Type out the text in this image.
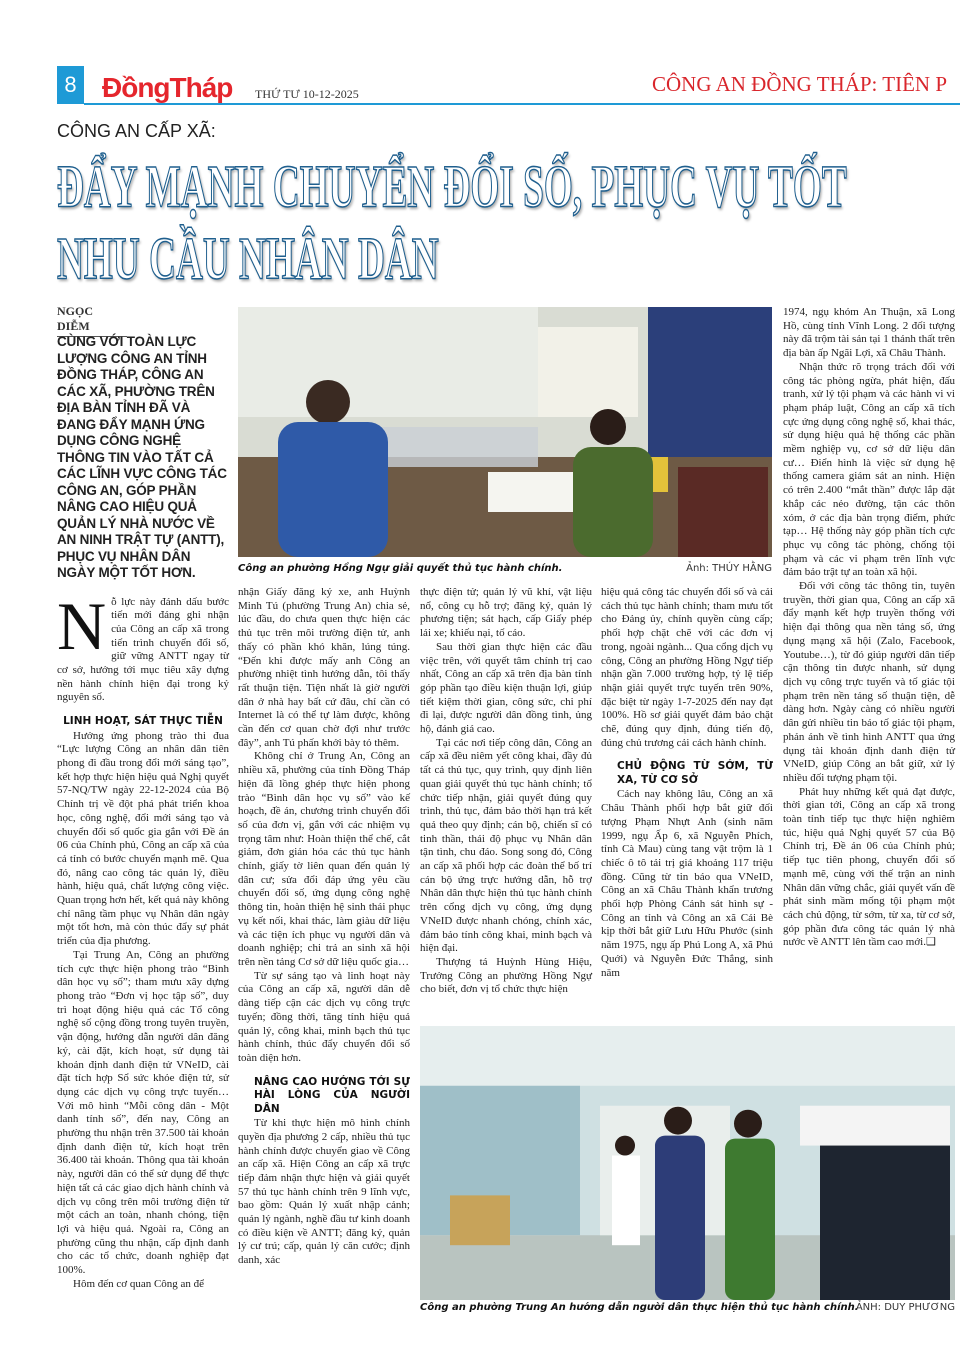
8 ĐồngTháp THỨ TƯ 10-12-2025	CÔNG AN ĐỒNG THÁP: TIÊN P
CÔNG AN CẤP XÃ:
ĐẨY MẠNH CHUYỂN ĐỔI SỐ, PHỤC VỤ TỐT
NHU CẦU NHÂN DÂN
NGỌC DIỄM
CÙNG VỚI TOÀN LỰC LƯỢNG CÔNG AN TỈNH ĐỒNG THÁP, CÔNG AN CÁC XÃ, PHƯỜNG TRÊN ĐỊA BÀN TỈNH ĐÃ VÀ ĐANG ĐẨY MẠNH ỨNG DỤNG CÔNG NGHỆ THÔNG TIN VÀO TẤT CẢ CÁC LĨNH VỰC CÔNG TÁC CÔNG AN, GÓP PHẦN NÂNG CAO HIỆU QUẢ QUẢN LÝ NHÀ NƯỚC VỀ AN NINH TRẬT TỰ (ANTT), PHỤC VỤ NHÂN DÂN NGÀY MỘT TỐT HƠN.

Nỗ lực này đánh dấu bước tiến mới đáng ghi nhận của Công an cấp xã trong tiến trình chuyển đổi số, giữ vững ANTT ngay từ cơ sở, hướng tới mục tiêu xây dựng nền hành chính hiện đại trong kỷ nguyên số.

LINH HOẠT, SÁT THỰC TIỄN

Hưởng ứng phong trào thi đua “Lực lượng Công an nhân dân tiên phong đi đầu trong đổi mới sáng tạo”, kết hợp thực hiện hiệu quả Nghị quyết 57-NQ/TW ngày 22-12-2024 của Bộ Chính trị về đột phá phát triển khoa học, công nghệ, đổi mới sáng tạo và chuyển đổi số quốc gia gắn với Đề án 06 của Chính phủ, Công an cấp xã của cả tỉnh có bước chuyển mạnh mẽ. Qua đó, nâng cao công tác quản lý, điều hành, hiệu quả, chất lượng công việc. Quan trọng hơn hết, kết quả này không chỉ nâng tầm phục vụ Nhân dân ngày một tốt hơn, mà còn thúc đẩy sự phát triển của địa phương.

Tại Trung An, Công an phường tích cực thực hiện phong trào “Bình dân học vụ số”; tham mưu xây dựng phong trào “Đơn vị học tập số”, duy trì hoạt động hiệu quả các Tổ công nghệ số cộng đồng trong tuyên truyền, vận động, hướng dẫn người dân đăng ký, cài đặt, kích hoạt, sử dụng tài khoản định danh điện tử VNeID, cài đặt tích hợp Sổ sức khỏe điện tử, sử dụng các dịch vụ công trực tuyến… Với mô hình “Mỗi công dân - Một danh tính số”, đến nay, Công an phường thu nhận trên 37.500 tài khoản định danh điện tử, kích hoạt trên 36.400 tài khoản. Thông qua tài khoản này, người dân có thể sử dụng để thực hiện tất cả các giao dịch hành chính và dịch vụ công trên môi trường điện tử một cách an toàn, nhanh chóng, tiện lợi và hiệu quả. Ngoài ra, Công an phường cũng thu nhận, cấp định danh cho các tổ chức, doanh nghiệp đạt 100%.

Hôm đến cơ quan Công an để

Công an phường Hồng Ngự giải quyết thủ tục hành chính.	Ảnh: THÚY HẰNG
Công an phường Trung An hướng dẫn người dân thực hiện thủ tục hành chính.
ẢNH: DUY PHƯƠNG

nhận Giấy đăng ký xe, anh Huỳnh Minh Tú (phường Trung An) chia sẻ, lúc đầu, do chưa quen thực hiện các thủ tục trên môi trường điện tử, anh thấy có phần khó khăn, lúng túng. “Đến khi được mấy anh Công an phường nhiệt tình hướng dẫn, tôi thấy rất thuận tiện. Tiện nhất là giờ người dân ở nhà hay bất cứ đâu, chỉ cần có Internet là có thể tự làm được, không cần đến cơ quan chờ đợi như trước đây”, anh Tú phấn khởi bày tỏ thêm.

Không chỉ ở Trung An, Công an nhiều xã, phường của tỉnh Đồng Tháp hiện đã lồng ghép thực hiện phong trào “Bình dân học vụ số” vào kế hoạch, đề án, chương trình chuyển đổi số của đơn vị, gắn với các nhiệm vụ trọng tâm như: Hoàn thiện thể chế, cắt giảm, đơn giản hóa các thủ tục hành chính, giấy tờ liên quan đến quản lý dân cư; sửa đổi đáp ứng yêu cầu chuyển đổi số, ứng dụng công nghệ thông tin, hoàn thiện hệ sinh thái phục vụ kết nối, khai thác, làm giàu dữ liệu và các tiện ích phục vụ người dân và doanh nghiệp; chi trả an sinh xã hội trên nền tảng Cơ sở dữ liệu quốc gia…

Từ sự sáng tạo và linh hoạt này của Công an cấp xã, người dân dễ dàng tiếp cận các dịch vụ công trực tuyến; đồng thời, tăng tính hiệu quả quản lý, công khai, minh bạch thủ tục hành chính, thúc đẩy chuyển đổi số toàn diện hơn.

NÂNG CAO HƯỚNG TỚI SỰ HÀI LÒNG CỦA NGƯỜI DÂN

Từ khi thực hiện mô hình chính quyền địa phương 2 cấp, nhiều thủ tục hành chính được chuyển giao về Công an cấp xã. Hiện Công an cấp xã trực tiếp đảm nhận thực hiện và giải quyết 57 thủ tục hành chính trên 9 lĩnh vực, bao gồm: Quản lý xuất nhập cảnh; quản lý ngành, nghề đầu tư kinh doanh có điều kiện về ANTT; đăng ký, quản lý cư trú; cấp, quản lý căn cước; định danh, xác

thực điện tử; quản lý vũ khí, vật liệu nổ, công cụ hỗ trợ; đăng ký, quản lý phương tiện; sát hạch, cấp Giấy phép lái xe; khiếu nại, tố cáo.

Sau thời gian thực hiện các đầu việc trên, với quyết tâm chính trị cao nhất, Công an cấp xã trên địa bàn tỉnh góp phần tạo điều kiện thuận lợi, giúp tiết kiệm thời gian, công sức, chi phí đi lại, được người dân đồng tình, ủng hộ, đánh giá cao.

Tại các nơi tiếp công dân, Công an cấp xã đều niêm yết công khai, đầy đủ tất cả thủ tục, quy trình, quy định liên quan giải quyết thủ tục hành chính; tổ chức tiếp nhận, giải quyết đúng quy trình, thủ tục, đảm bảo thời hạn trả kết quả theo quy định; cán bộ, chiến sĩ có tinh thần, thái độ phục vụ Nhân dân tận tình, chu đáo. Song song đó, Công an cấp xã phối hợp các đoàn thể bố trí cán bộ ứng trực hướng dẫn, hỗ trợ Nhân dân thực hiện thủ tục hành chính trên cổng dịch vụ công, ứng dụng VNeID được nhanh chóng, chính xác, đảm bảo tính công khai, minh bạch và hiện đại.

Thượng tá Huỳnh Hùng Hiệu, Trưởng Công an phường Hồng Ngự cho biết, đơn vị tổ chức thực hiện

hiệu quả công tác chuyển đổi số và cải cách thủ tục hành chính; tham mưu tốt cho Đảng ủy, chính quyền cùng cấp; phối hợp chặt chẽ với các đơn vị trong, ngoài ngành... Qua cổng dịch vụ công, Công an phường Hồng Ngự tiếp nhận gần 7.000 trường hợp, tỷ lệ tiếp nhận giải quyết trực tuyến trên 90%, đặc biệt từ ngày 1-7-2025 đến nay đạt 100%. Hồ sơ giải quyết đảm bảo chặt chẽ, đúng quy định, đúng tiến độ, đúng chủ trương cải cách hành chính.

CHỦ ĐỘNG TỪ SỚM, TỪ XA, TỪ CƠ SỞ

Cách nay không lâu, Công an xã Châu Thành phối hợp bắt giữ đối tượng Phạm Nhựt Anh (sinh năm 1999, ngụ Ấp 6, xã Nguyễn Phích, tỉnh Cà Mau) cùng tang vật trộm là 1 chiếc ô tô tải trị giá khoảng 117 triệu đồng. Cũng từ tin báo qua VNeID, Công an xã Châu Thành khẩn trương phối hợp Phòng Cảnh sát hình sự - Công an tỉnh và Công an xã Cái Bè kịp thời bắt giữ Lưu Hữu Phước (sinh năm 1975, ngụ ấp Phú Long A, xã Phú Quới) và Nguyễn Đức Thắng, sinh năm

1974, ngụ khóm An Thuận, xã Long Hồ, cùng tỉnh Vĩnh Long. 2 đối tượng này đã trộm tài sản tại 1 thánh thất trên địa bàn ấp Ngãi Lợi, xã Châu Thành.

Nhận thức rõ trọng trách đối với công tác phòng ngừa, phát hiện, đấu tranh, xử lý tội phạm và các hành vi vi phạm pháp luật, Công an cấp xã tích cực ứng dụng công nghệ số, khai thác, sử dụng hiệu quả hệ thống các phần mềm nghiệp vụ, cơ sở dữ liệu dân cư… Điển hình là việc sử dụng hệ thống camera giám sát an ninh. Hiện có trên 2.400 “mắt thần” được lắp đặt khắp các nẻo đường, tận các thôn xóm, ở các địa bàn trọng điểm, phức tạp… Hệ thống này góp phần tích cực phục vụ công tác phòng, chống tội phạm và các vi phạm trên lĩnh vực đảm bảo trật tự an toàn xã hội.

Đối với công tác thông tin, tuyên truyền, thời gian qua, Công an cấp xã đẩy mạnh kết hợp truyền thống với hiện đại thông qua nền tảng số, ứng dụng mạng xã hội (Zalo, Facebook, Youtube…), từ đó giúp người dân tiếp cận thông tin được nhanh, sử dụng dịch vụ công trực tuyến và tố giác tội phạm trên nền tảng số thuận tiện, dễ dàng hơn. Ngày càng có nhiều người dân gửi nhiều tin báo tố giác tội phạm, phản ánh về tình hình ANTT qua ứng dụng tài khoản định danh điện tử VNeID, giúp Công an bắt giữ, xử lý nhiều đối tượng phạm tội.

Phát huy những kết quả đạt được, thời gian tới, Công an cấp xã trong toàn tỉnh tiếp tục thực hiện nghiêm túc, hiệu quả Nghị quyết 57 của Bộ Chính trị, Đề án 06 của Chính phủ; tiếp tục tiên phong, chuyển đổi số mạnh mẽ, cùng với thế trận an ninh Nhân dân vững chắc, giải quyết vấn đề phát sinh mầm mống tội phạm một cách chủ động, từ sớm, từ xa, từ cơ sở, góp phần đưa công tác quản lý nhà nước về ANTT lên tầm cao mới.❑
